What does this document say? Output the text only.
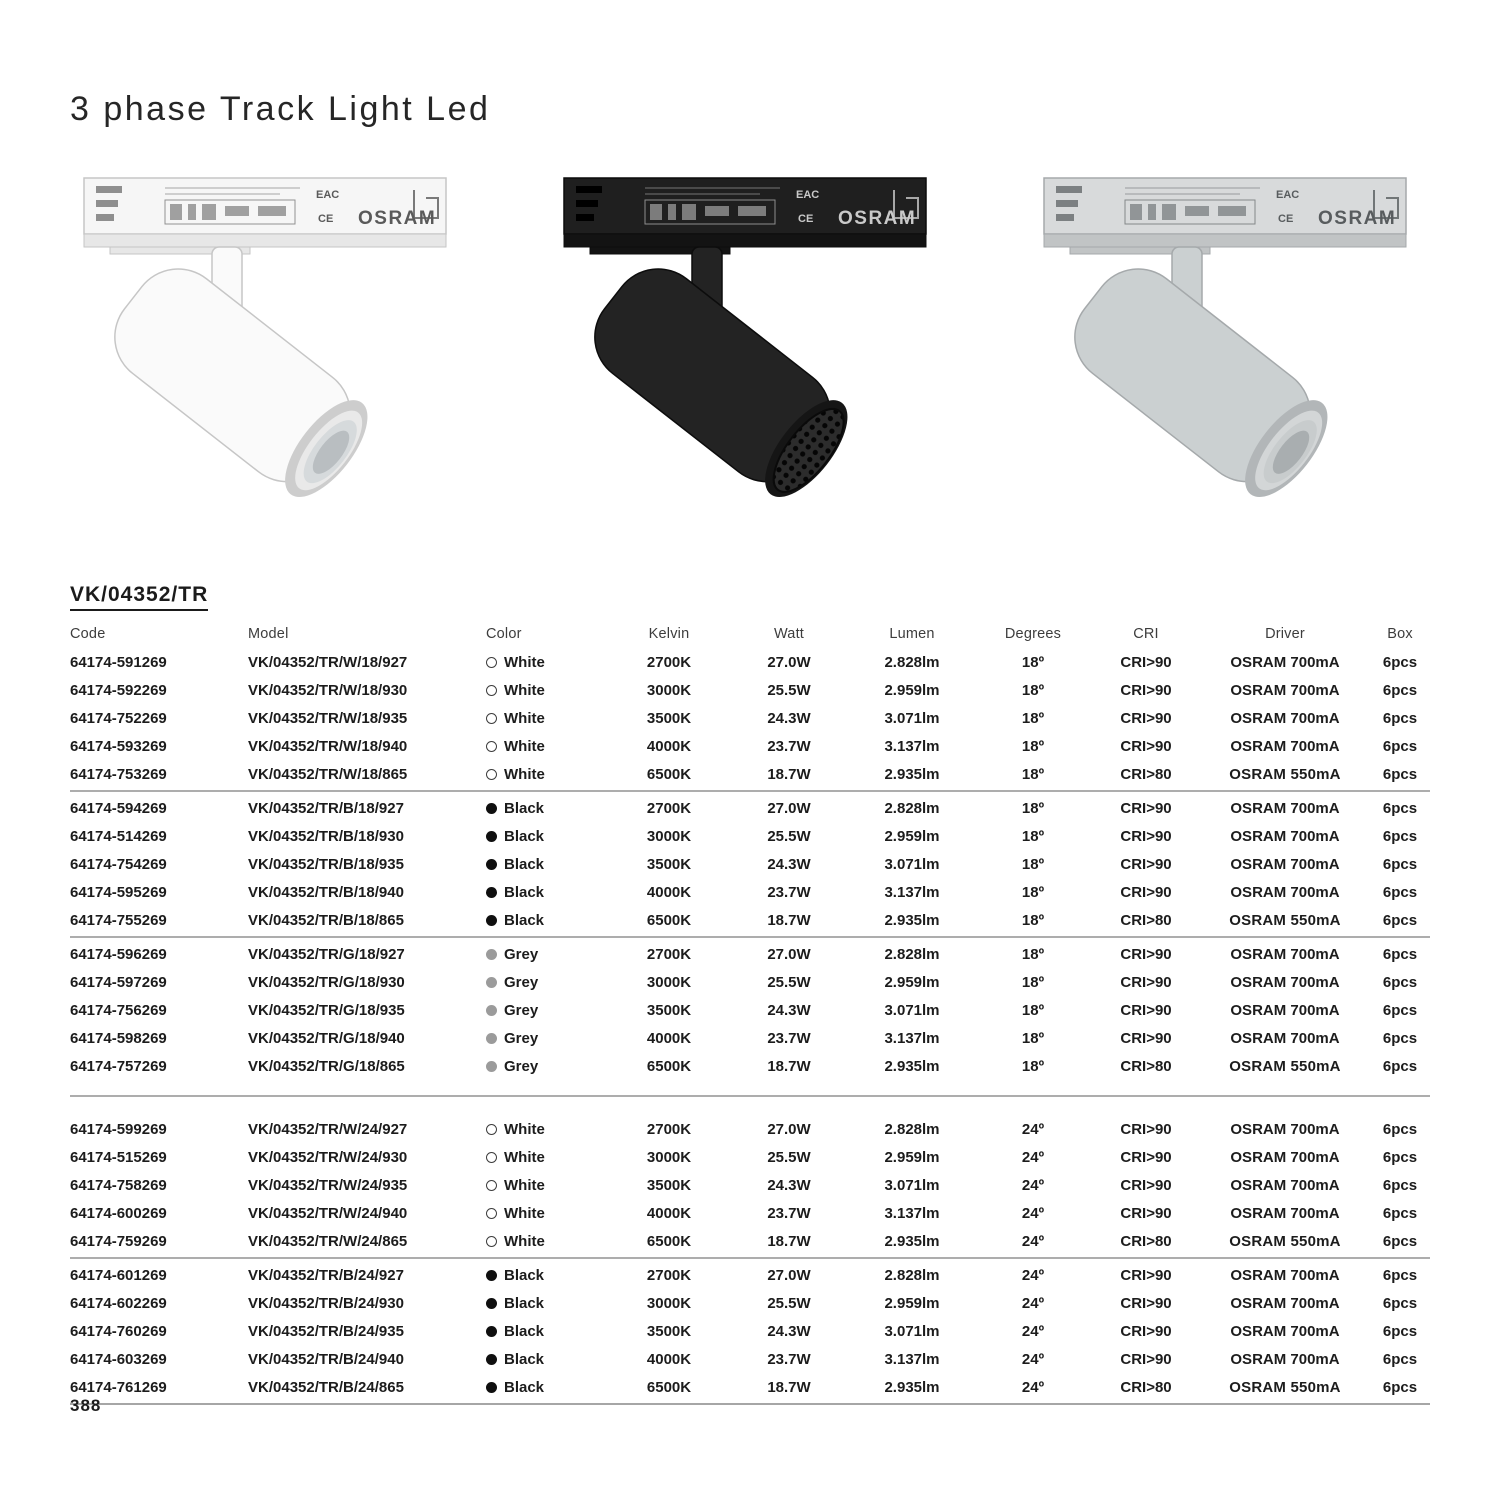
3 phase Track Light Led
EAC
CE OSRAM
EAC
CE OSRAM
EAC
CE OSRAM
VK/04352/TR
Code	Model	Color	Kelvin	Watt	Lumen	Degrees	CRI	Driver	Box
64174-591269	VK/04352/TR/W/18/927	White	2700K	27.0W	2.828lm	18º	CRI>90	OSRAM 700mA	6pcs
64174-592269	VK/04352/TR/W/18/930	White	3000K	25.5W	2.959lm	18º	CRI>90	OSRAM 700mA	6pcs
64174-752269	VK/04352/TR/W/18/935	White	3500K	24.3W	3.071lm	18º	CRI>90	OSRAM 700mA	6pcs
64174-593269	VK/04352/TR/W/18/940	White	4000K	23.7W	3.137lm	18º	CRI>90	OSRAM 700mA	6pcs
64174-753269	VK/04352/TR/W/18/865	White	6500K	18.7W	2.935lm	18º	CRI>80	OSRAM 550mA	6pcs
64174-594269	VK/04352/TR/B/18/927	Black	2700K	27.0W	2.828lm	18º	CRI>90	OSRAM 700mA	6pcs
64174-514269	VK/04352/TR/B/18/930	Black	3000K	25.5W	2.959lm	18º	CRI>90	OSRAM 700mA	6pcs
64174-754269	VK/04352/TR/B/18/935	Black	3500K	24.3W	3.071lm	18º	CRI>90	OSRAM 700mA	6pcs
64174-595269	VK/04352/TR/B/18/940	Black	4000K	23.7W	3.137lm	18º	CRI>90	OSRAM 700mA	6pcs
64174-755269	VK/04352/TR/B/18/865	Black	6500K	18.7W	2.935lm	18º	CRI>80	OSRAM 550mA	6pcs
64174-596269	VK/04352/TR/G/18/927	Grey	2700K	27.0W	2.828lm	18º	CRI>90	OSRAM 700mA	6pcs
64174-597269	VK/04352/TR/G/18/930	Grey	3000K	25.5W	2.959lm	18º	CRI>90	OSRAM 700mA	6pcs
64174-756269	VK/04352/TR/G/18/935	Grey	3500K	24.3W	3.071lm	18º	CRI>90	OSRAM 700mA	6pcs
64174-598269	VK/04352/TR/G/18/940	Grey	4000K	23.7W	3.137lm	18º	CRI>90	OSRAM 700mA	6pcs
64174-757269	VK/04352/TR/G/18/865	Grey	6500K	18.7W	2.935lm	18º	CRI>80	OSRAM 550mA	6pcs
64174-599269	VK/04352/TR/W/24/927	White	2700K	27.0W	2.828lm	24º	CRI>90	OSRAM 700mA	6pcs
64174-515269	VK/04352/TR/W/24/930	White	3000K	25.5W	2.959lm	24º	CRI>90	OSRAM 700mA	6pcs
64174-758269	VK/04352/TR/W/24/935	White	3500K	24.3W	3.071lm	24º	CRI>90	OSRAM 700mA	6pcs
64174-600269	VK/04352/TR/W/24/940	White	4000K	23.7W	3.137lm	24º	CRI>90	OSRAM 700mA	6pcs
64174-759269	VK/04352/TR/W/24/865	White	6500K	18.7W	2.935lm	24º	CRI>80	OSRAM 550mA	6pcs
64174-601269	VK/04352/TR/B/24/927	Black	2700K	27.0W	2.828lm	24º	CRI>90	OSRAM 700mA	6pcs
64174-602269	VK/04352/TR/B/24/930	Black	3000K	25.5W	2.959lm	24º	CRI>90	OSRAM 700mA	6pcs
64174-760269	VK/04352/TR/B/24/935	Black	3500K	24.3W	3.071lm	24º	CRI>90	OSRAM 700mA	6pcs
64174-603269	VK/04352/TR/B/24/940	Black	4000K	23.7W	3.137lm	24º	CRI>90	OSRAM 700mA	6pcs
64174-761269	VK/04352/TR/B/24/865	Black	6500K	18.7W	2.935lm	24º	CRI>80	OSRAM 550mA	6pcs
388
